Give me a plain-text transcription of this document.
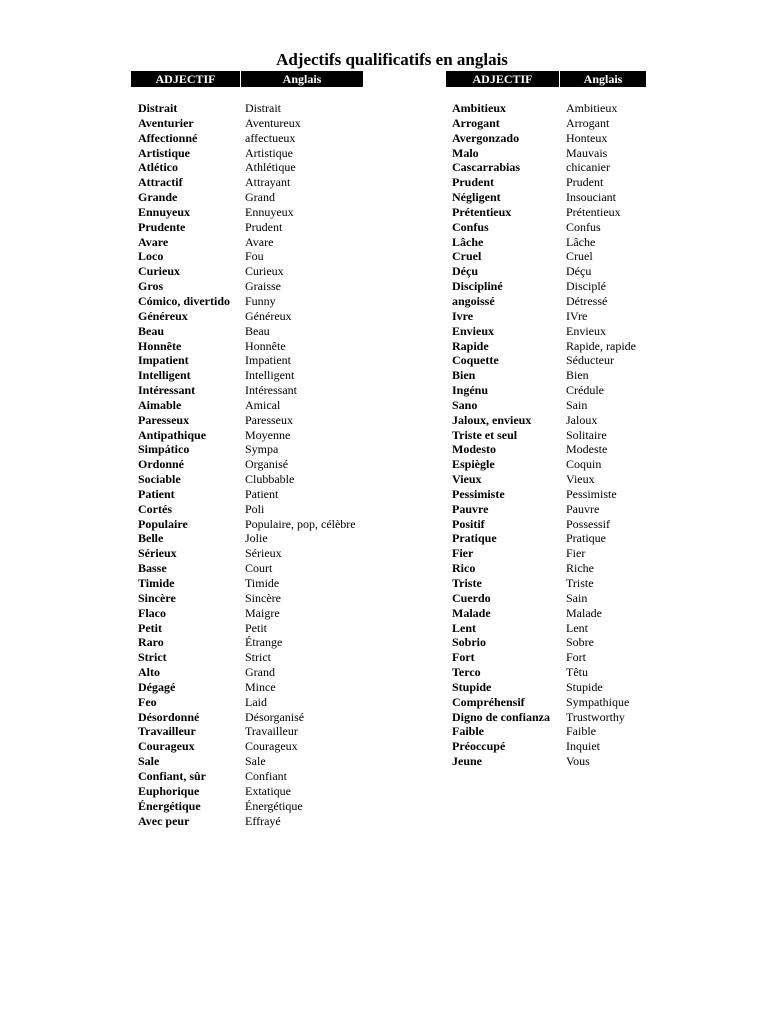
Adjectifs qualificatifs en anglais
ADJECTIF	Anglais
Distrait	Distrait
Aventurier	Aventureux
Affectionné	affectueux
Artistique	Artistique
Atlético	Athlétique
Attractif	Attrayant
Grande	Grand
Ennuyeux	Ennuyeux
Prudente	Prudent
Avare	Avare
Loco	Fou
Curieux	Curieux
Gros	Graisse
Cómico, divertido	Funny
Généreux	Généreux
Beau	Beau
Honnête	Honnête
Impatient	Impatient
Intelligent	Intelligent
Intéressant	Intéressant
Aimable	Amical
Paresseux	Paresseux
Antipathique	Moyenne
Simpático	Sympa
Ordonné	Organisé
Sociable	Clubbable
Patient	Patient
Cortés	Poli
Populaire	Populaire, pop, célèbre
Belle	Jolie
Sérieux	Sérieux
Basse	Court
Timide	Timide
Sincère	Sincère
Flaco	Maigre
Petit	Petit
Raro	Étrange
Strict	Strict
Alto	Grand
Dégagé	Mince
Feo	Laid
Désordonné	Désorganisé
Travailleur	Travailleur
Courageux	Courageux
Sale	Sale
Confiant, sûr	Confiant
Euphorique	Extatique
Énergétique	Énergétique
Avec peur	Effrayé
ADJECTIF	Anglais
Ambitieux	Ambitieux
Arrogant	Arrogant
Avergonzado	Honteux
Malo	Mauvais
Cascarrabias	chicanier
Prudent	Prudent
Négligent	Insouciant
Prétentieux	Prétentieux
Confus	Confus
Lâche	Lâche
Cruel	Cruel
Déçu	Déçu
Discipliné	Disciplé
angoissé	Détressé
Ivre	IVre
Envieux	Envieux
Rapide	Rapide, rapide
Coquette	Séducteur
Bien	Bien
Ingénu	Crédule
Sano	Sain
Jaloux, envieux	Jaloux
Triste et seul	Solitaire
Modesto	Modeste
Espiègle	Coquin
Vieux	Vieux
Pessimiste	Pessimiste
Pauvre	Pauvre
Positif	Possessif
Pratique	Pratique
Fier	Fier
Rico	Riche
Triste	Triste
Cuerdo	Sain
Malade	Malade
Lent	Lent
Sobrio	Sobre
Fort	Fort
Terco	Têtu
Stupide	Stupide
Compréhensif	Sympathique
Digno de confianza	Trustworthy
Faible	Faible
Préoccupé	Inquiet
Jeune	Vous
